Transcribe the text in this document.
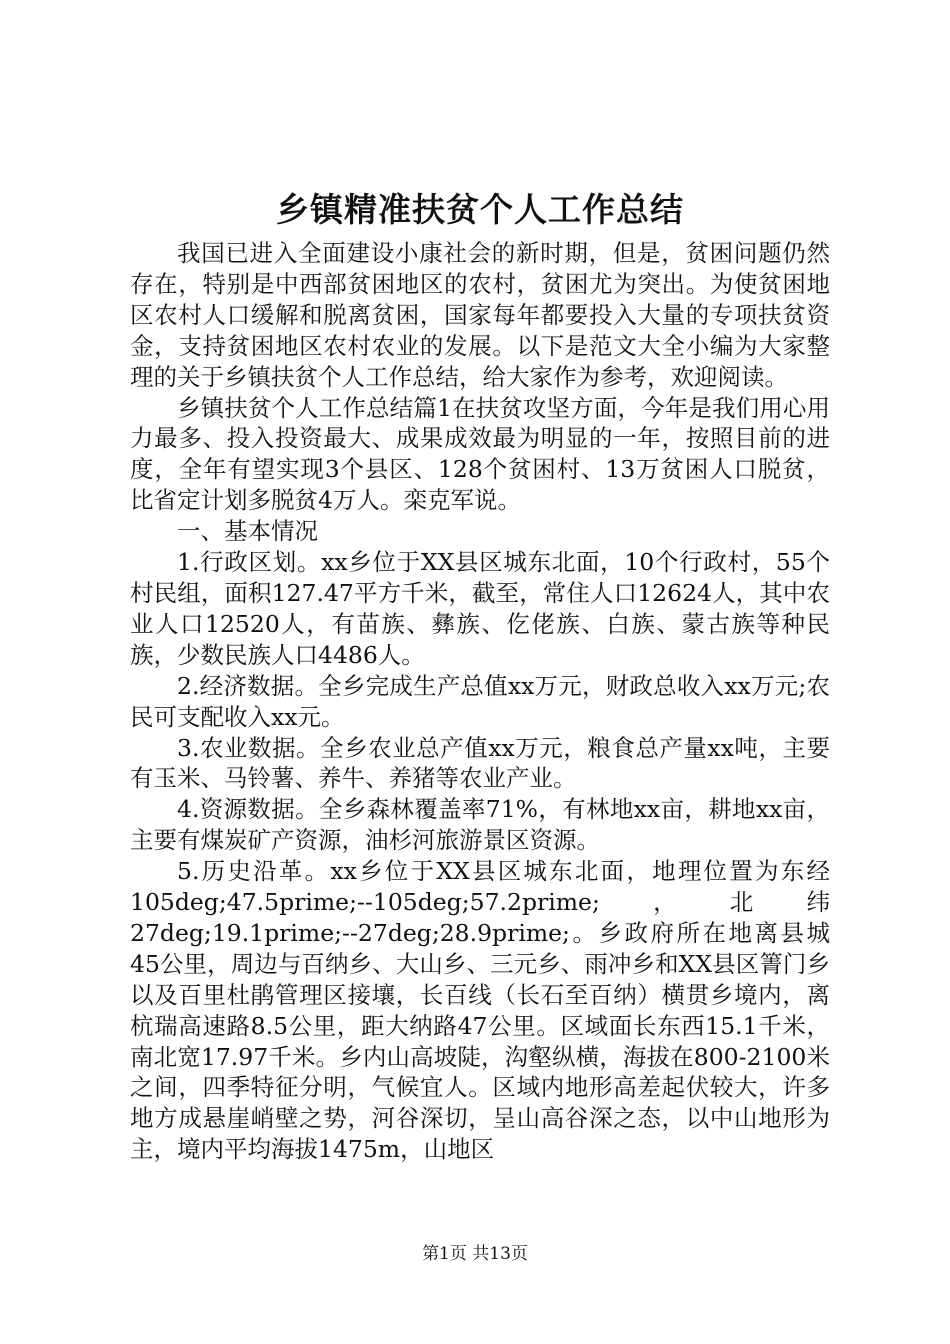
乡镇精准扶贫个人工作总结

我国已进入全面建设小康社会的新时期，但是，贫困问题仍然存在，特别是中西部贫困地区的农村，贫困尤为突出。为使贫困地区农村人口缓解和脱离贫困，国家每年都要投入大量的专项扶贫资金，支持贫困地区农村农业的发展。以下是范文大全小编为大家整理的关于乡镇扶贫个人工作总结，给大家作为参考，欢迎阅读。

乡镇扶贫个人工作总结篇1在扶贫攻坚方面，今年是我们用心用力最多、投入投资最大、成果成效最为明显的一年，按照目前的进度，全年有望实现3个县区、128个贫困村、13万贫困人口脱贫，比省定计划多脱贫4万人。栾克军说。

一、基本情况

1.行政区划。xx乡位于XX县区城东北面，10个行政村，55个村民组，面积127.47平方千米，截至，常住人口12624人，其中农业人口12520人，有苗族、彝族、仡佬族、白族、蒙古族等种民族，少数民族人口4486人。

2.经济数据。全乡完成生产总值xx万元，财政总收入xx万元;农民可支配收入xx元。

3.农业数据。全乡农业总产值xx万元，粮食总产量xx吨，主要有玉米、马铃薯、养牛、养猪等农业产业。

4.资源数据。全乡森林覆盖率71%，有林地xx亩，耕地xx亩，主要有煤炭矿产资源，油杉河旅游景区资源。

5.历史沿革。xx乡位于XX县区城东北面，地理位置为东经105deg;47.5prime;--105deg;57.2prime;，北纬27deg;19.1prime;--27deg;28.9prime;。乡政府所在地离县城45公里，周边与百纳乡、大山乡、三元乡、雨冲乡和XX县区箐门乡以及百里杜鹃管理区接壤，长百线（长石至百纳）横贯乡境内，离杭瑞高速路8.5公里，距大纳路47公里。区域面长东西15.1千米，南北宽17.97千米。乡内山高坡陡，沟壑纵横，海拔在800-2100米之间，四季特征分明，气候宜人。区域内地形高差起伏较大，许多地方成悬崖峭壁之势，河谷深切，呈山高谷深之态，以中山地形为主，境内平均海拔1475m，山地区

第1页 共13页
